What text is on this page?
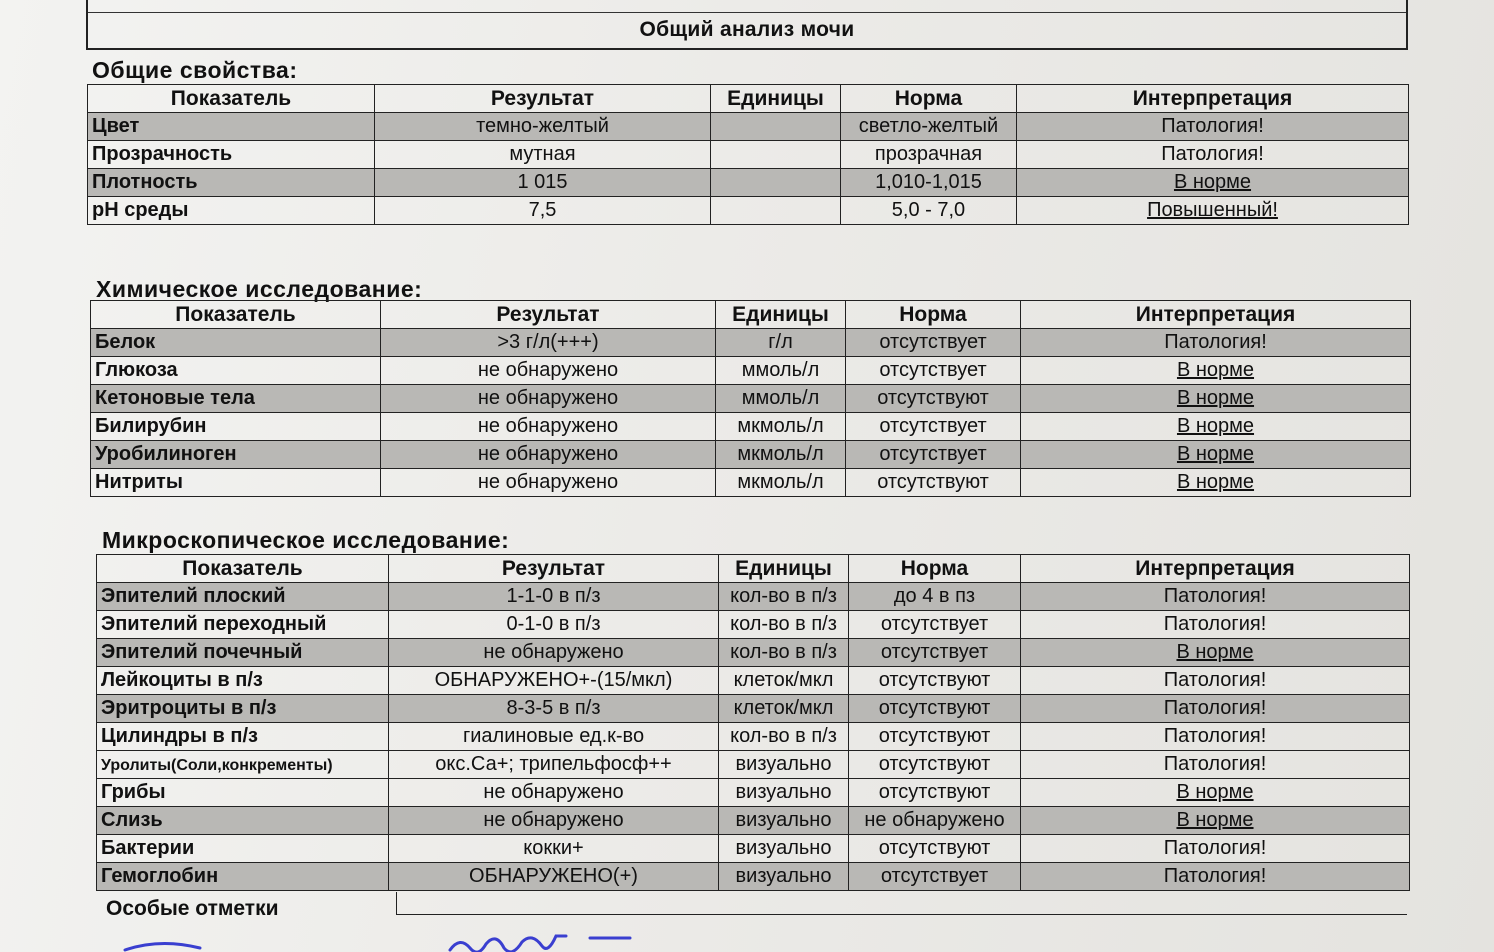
Общий анализ мочи
Общие свойства:
Показатель	Результат	Единицы	Норма	Интерпретация
Цвет	темно-желтый		светло-желтый	Патология!
Прозрачность	мутная		прозрачная	Патология!
Плотность	1 015		1,010-1,015	В норме
pH среды	7,5		5,0 - 7,0	Повышенный!
Химическое исследование:
Показатель	Результат	Единицы	Норма	Интерпретация
Белок	>3 г/л(+++)	г/л	отсутствует	Патология!
Глюкоза	не обнаружено	ммоль/л	отсутствует	В норме
Кетоновые тела	не обнаружено	ммоль/л	отсутствуют	В норме
Билирубин	не обнаружено	мкмоль/л	отсутствует	В норме
Уробилиноген	не обнаружено	мкмоль/л	отсутствует	В норме
Нитриты	не обнаружено	мкмоль/л	отсутствуют	В норме
Микроскопическое исследование:
Показатель	Результат	Единицы	Норма	Интерпретация
Эпителий плоский	1-1-0 в п/з	кол-во в п/з	до 4 в пз	Патология!
Эпителий переходный	0-1-0 в п/з	кол-во в п/з	отсутствует	Патология!
Эпителий почечный	не обнаружено	кол-во в п/з	отсутствует	В норме
Лейкоциты в п/з	ОБНАРУЖЕНО+-(15/мкл)	клеток/мкл	отсутствуют	Патология!
Эритроциты в п/з	8-3-5 в п/з	клеток/мкл	отсутствуют	Патология!
Цилиндры в п/з	гиалиновые ед.к-во	кол-во в п/з	отсутствуют	Патология!
Уролиты(Соли,конкременты)	окс.Са+; трипельфосф++	визуально	отсутствуют	Патология!
Грибы	не обнаружено	визуально	отсутствуют	В норме
Слизь	не обнаружено	визуально	не обнаружено	В норме
Бактерии	кокки+	визуально	отсутствуют	Патология!
Гемоглобин	ОБНАРУЖЕНО(+)	визуально	отсутствует	Патология!
Особые отметки
